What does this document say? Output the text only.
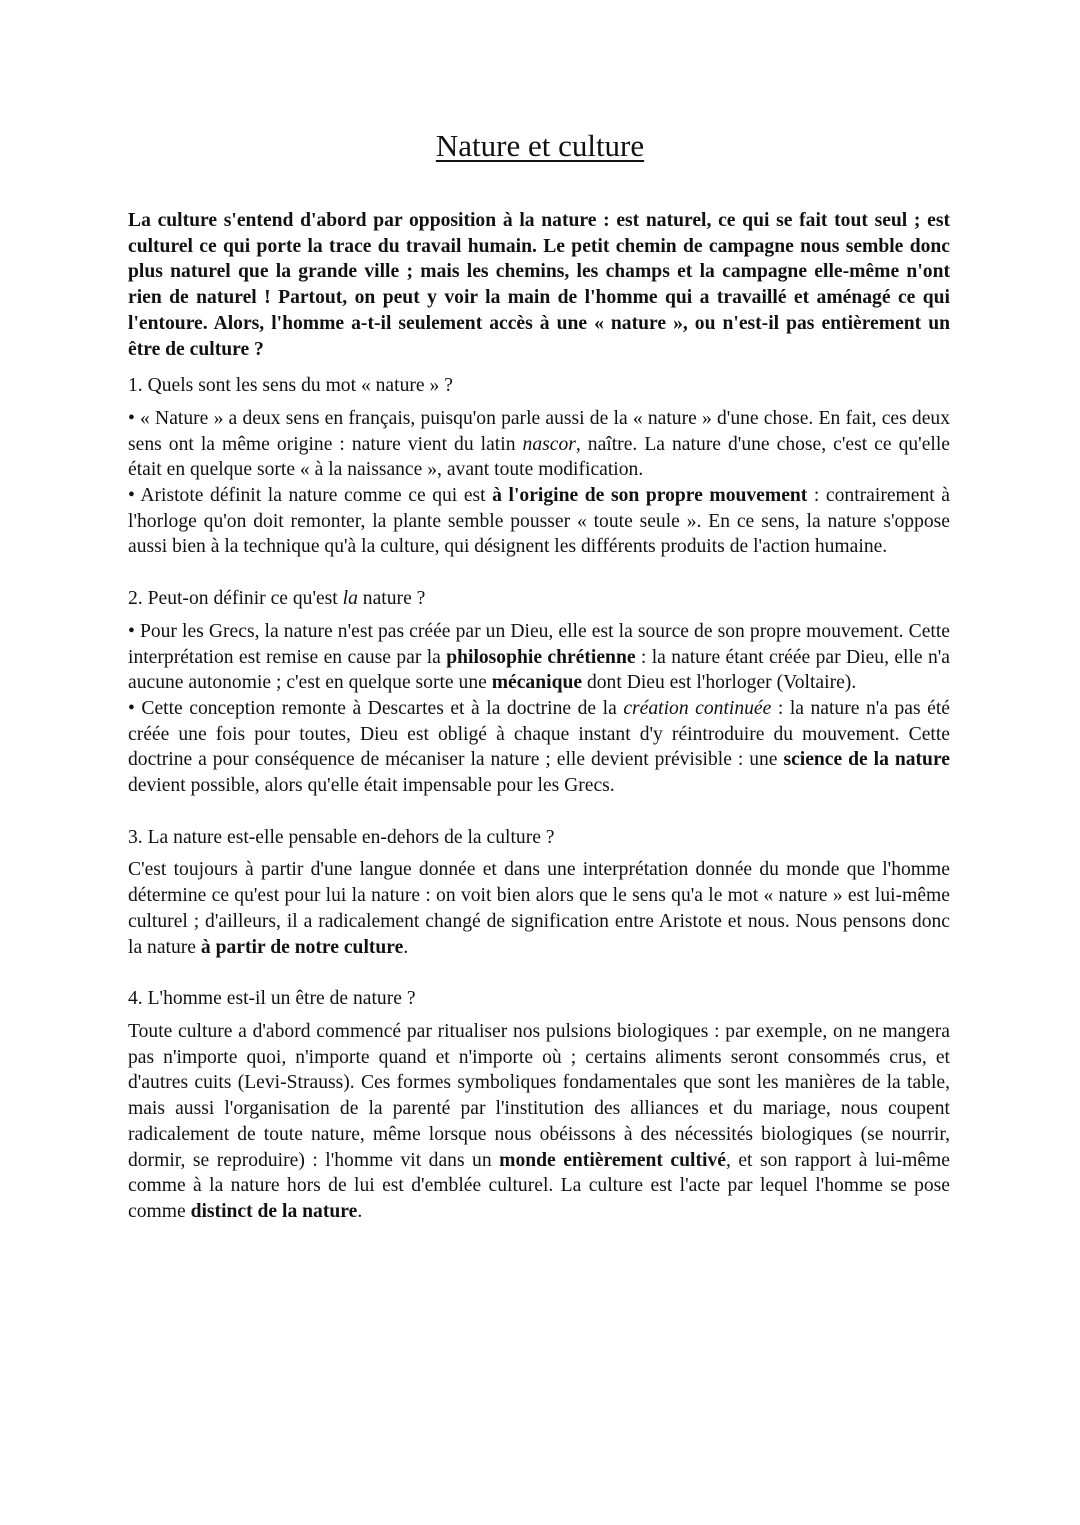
Nature et culture

La culture s'entend d'abord par opposition à la nature : est naturel, ce qui se fait tout seul ; est culturel ce qui porte la trace du travail humain. Le petit chemin de campagne nous semble donc plus naturel que la grande ville ; mais les chemins, les champs et la campagne elle-même n'ont rien de naturel ! Partout, on peut y voir la main de l'homme qui a travaillé et aménagé ce qui l'entoure. Alors, l'homme a-t-il seulement accès à une « nature », ou n'est-il pas entièrement un être de culture ?

1. Quels sont les sens du mot « nature » ?

• « Nature » a deux sens en français, puisqu'on parle aussi de la « nature » d'une chose. En fait, ces deux sens ont la même origine : nature vient du latin nascor, naître. La nature d'une chose, c'est ce qu'elle était en quelque sorte « à la naissance », avant toute modification.

• Aristote définit la nature comme ce qui est à l'origine de son propre mouvement : contrairement à l'horloge qu'on doit remonter, la plante semble pousser « toute seule ». En ce sens, la nature s'oppose aussi bien à la technique qu'à la culture, qui désignent les différents produits de l'action humaine.

2. Peut-on définir ce qu'est la nature ?

• Pour les Grecs, la nature n'est pas créée par un Dieu, elle est la source de son propre mouvement. Cette interprétation est remise en cause par la philosophie chrétienne : la nature étant créée par Dieu, elle n'a aucune autonomie ; c'est en quelque sorte une mécanique dont Dieu est l'horloger (Voltaire).

• Cette conception remonte à Descartes et à la doctrine de la création continuée : la nature n'a pas été créée une fois pour toutes, Dieu est obligé à chaque instant d'y réintroduire du mouvement. Cette doctrine a pour conséquence de mécaniser la nature ; elle devient prévisible : une science de la nature devient possible, alors qu'elle était impensable pour les Grecs.

3. La nature est-elle pensable en-dehors de la culture ?

C'est toujours à partir d'une langue donnée et dans une interprétation donnée du monde que l'homme détermine ce qu'est pour lui la nature : on voit bien alors que le sens qu'a le mot « nature » est lui-même culturel ; d'ailleurs, il a radicalement changé de signification entre Aristote et nous. Nous pensons donc la nature à partir de notre culture.

4. L'homme est-il un être de nature ?

Toute culture a d'abord commencé par ritualiser nos pulsions biologiques : par exemple, on ne mangera pas n'importe quoi, n'importe quand et n'importe où ; certains aliments seront consommés crus, et d'autres cuits (Levi-Strauss). Ces formes symboliques fondamentales que sont les manières de la table, mais aussi l'organisation de la parenté par l'institution des alliances et du mariage, nous coupent radicalement de toute nature, même lorsque nous obéissons à des nécessités biologiques (se nourrir, dormir, se reproduire) : l'homme vit dans un monde entièrement cultivé, et son rapport à lui-même comme à la nature hors de lui est d'emblée culturel. La culture est l'acte par lequel l'homme se pose comme distinct de la nature.
